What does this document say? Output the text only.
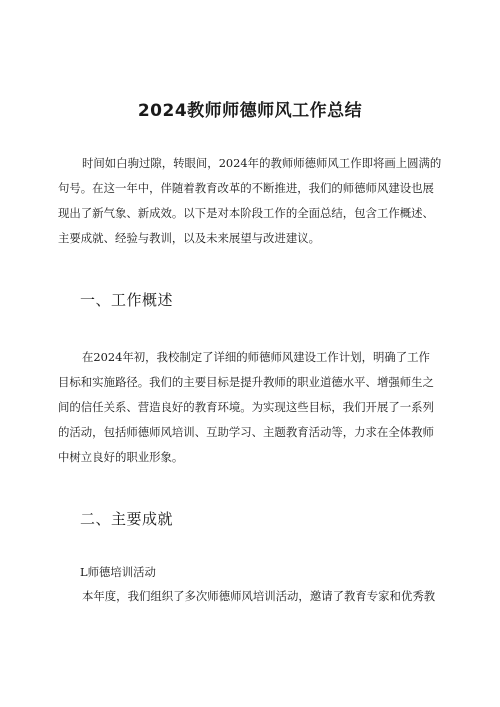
2024教师师德师风工作总结

时间如白驹过隙，转眼间，2024年的教师师德师风工作即将画上圆满的
句号。在这一年中，伴随着教育改革的不断推进，我们的师德师风建设也展
现出了新气象、新成效。以下是对本阶段工作的全面总结，包含工作概述、
主要成就、经验与教训，以及未来展望与改进建议。

一、工作概述

在2024年初，我校制定了详细的师德师风建设工作计划，明确了工作
目标和实施路径。我们的主要目标是提升教师的职业道德水平、增强师生之
间的信任关系、营造良好的教育环境。为实现这些目标，我们开展了一系列
的活动，包括师德师风培训、互助学习、主题教育活动等，力求在全体教师
中树立良好的职业形象。

二、主要成就
L师德培训活动

本年度，我们组织了多次师德师风培训活动，邀请了教育专家和优秀教
